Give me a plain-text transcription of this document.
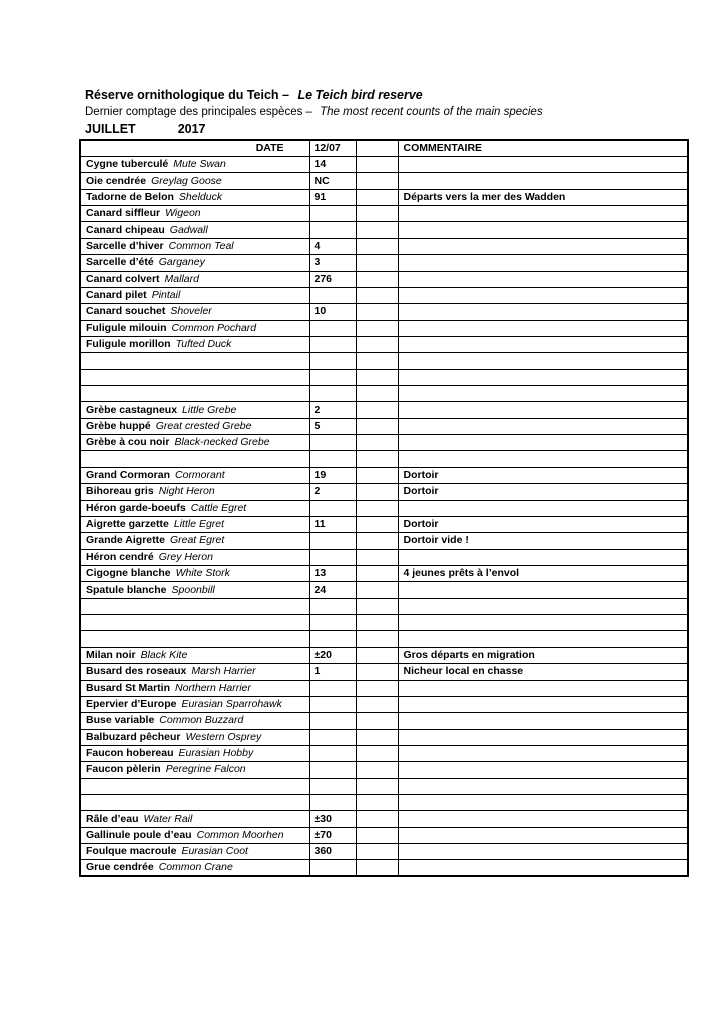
Réserve ornithologique du Teich – Le Teich bird reserve
Dernier comptage des principales espèces – The most recent counts of the main species
JUILLET	2017
DATE	12/07		COMMENTAIRE
Cygne tuberculé Mute Swan	14		
Oie cendrée Greylag Goose	NC		
Tadorne de Belon Shelduck	91		Départs vers la mer des Wadden
Canard siffleur Wigeon			
Canard chipeau Gadwall			
Sarcelle d’hiver Common Teal	4		
Sarcelle d’été Garganey	3		
Canard colvert Mallard	276		
Canard pilet Pintail			
Canard souchet Shoveler	10		
Fuligule milouin Common Pochard			
Fuligule morillon Tufted Duck			

Grèbe castagneux Little Grebe	2		
Grèbe huppé Great crested Grebe	5		
Grèbe à cou noir Black-necked Grebe			

Grand Cormoran Cormorant	19		Dortoir
Bihoreau gris Night Heron	2		Dortoir
Héron garde-boeufs Cattle Egret			
Aigrette garzette Little Egret	11		Dortoir
Grande Aigrette Great Egret			Dortoir vide !
Héron cendré Grey Heron			
Cigogne blanche White Stork	13		4 jeunes prêts à l’envol
Spatule blanche Spoonbill	24		

Milan noir Black Kite	±20		Gros départs en migration
Busard des roseaux Marsh Harrier	1		Nicheur local en chasse
Busard St Martin Northern Harrier			
Epervier d’Europe Eurasian Sparrohawk			
Buse variable Common Buzzard			
Balbuzard pêcheur Western Osprey			
Faucon hobereau Eurasian Hobby			
Faucon pèlerin Peregrine Falcon			

Râle d’eau Water Rail	±30		
Gallinule poule d’eau Common Moorhen	±70		
Foulque macroule Eurasian Coot	360		
Grue cendrée Common Crane			
